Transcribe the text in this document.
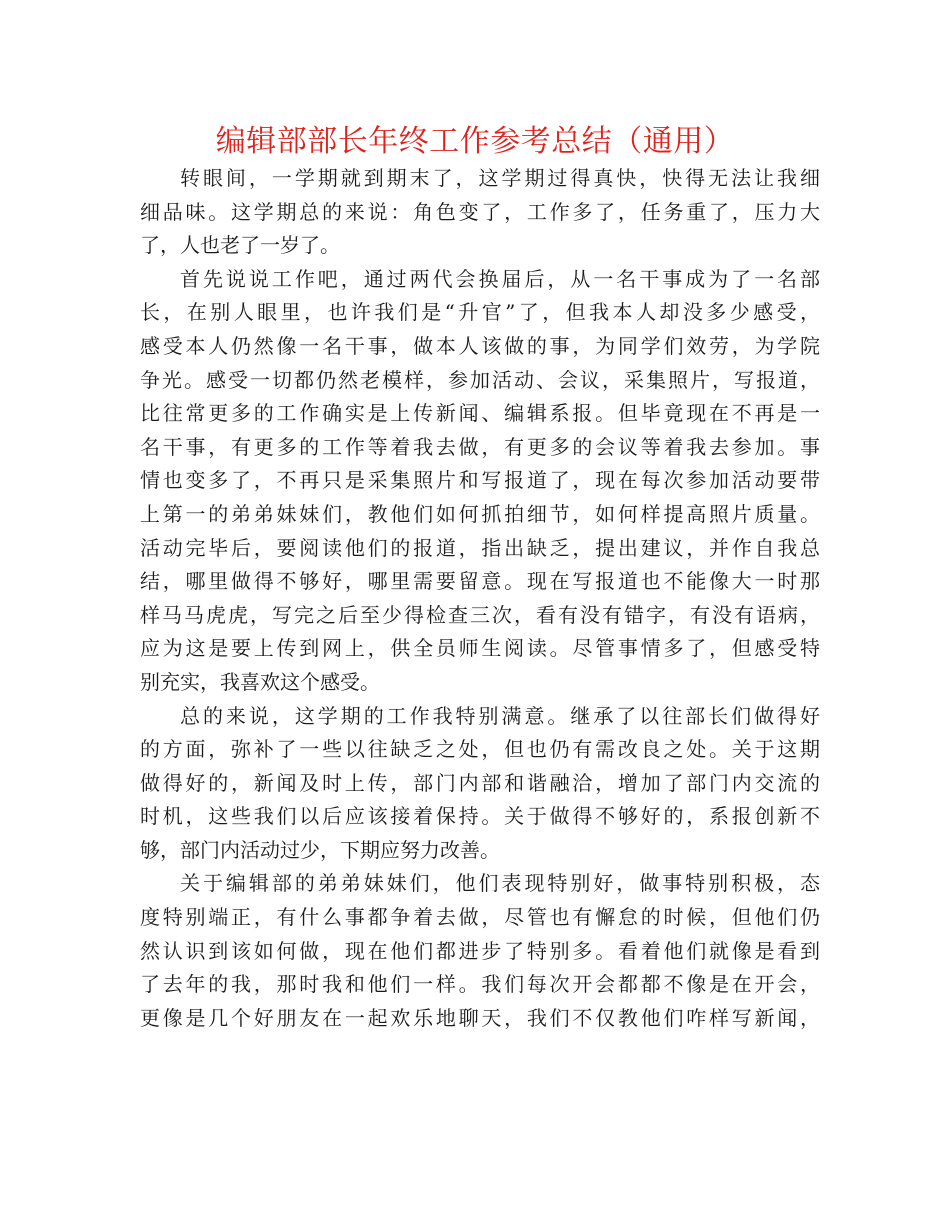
编辑部部长年终工作参考总结（通用）

转眼间，一学期就到期末了，这学期过得真快，快得无法让我细
细品味。这学期总的来说：角色变了，工作多了，任务重了，压力大
了，人也老了一岁了。

首先说说工作吧，通过两代会换届后，从一名干事成为了一名部
长，在别人眼里，也许我们是“升官”了，但我本人却没多少感受，
感受本人仍然像一名干事，做本人该做的事，为同学们效劳，为学院
争光。感受一切都仍然老模样，参加活动、会议，采集照片，写报道，
比往常更多的工作确实是上传新闻、编辑系报。但毕竟现在不再是一
名干事，有更多的工作等着我去做，有更多的会议等着我去参加。事
情也变多了，不再只是采集照片和写报道了，现在每次参加活动要带
上第一的弟弟妹妹们，教他们如何抓拍细节，如何样提高照片质量。
活动完毕后，要阅读他们的报道，指出缺乏，提出建议，并作自我总
结，哪里做得不够好，哪里需要留意。现在写报道也不能像大一时那
样马马虎虎，写完之后至少得检查三次，看有没有错字，有没有语病，
应为这是要上传到网上，供全员师生阅读。尽管事情多了，但感受特
别充实，我喜欢这个感受。

总的来说，这学期的工作我特别满意。继承了以往部长们做得好
的方面，弥补了一些以往缺乏之处，但也仍有需改良之处。关于这期
做得好的，新闻及时上传，部门内部和谐融洽，增加了部门内交流的
时机，这些我们以后应该接着保持。关于做得不够好的，系报创新不
够，部门内活动过少，下期应努力改善。

关于编辑部的弟弟妹妹们，他们表现特别好，做事特别积极，态
度特别端正，有什么事都争着去做，尽管也有懈怠的时候，但他们仍
然认识到该如何做，现在他们都进步了特别多。看着他们就像是看到
了去年的我，那时我和他们一样。我们每次开会都都不像是在开会，
更像是几个好朋友在一起欢乐地聊天，我们不仅教他们咋样写新闻，
